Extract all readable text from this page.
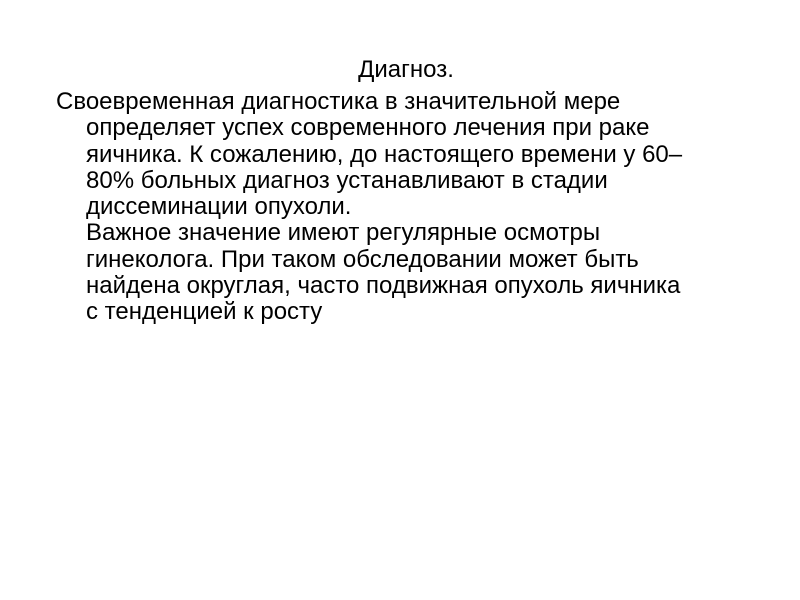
Диагноз.
Своевременная диагностика в значительной мере
определяет успех современного лечения при раке
яичника. К сожалению, до настоящего времени у 60–
80% больных диагноз устанавливают в стадии
диссеминации опухоли.
Важное значение имеют регулярные осмотры
гинеколога. При таком обследовании может быть
найдена округлая, часто подвижная опухоль яичника
с тенденцией к росту
